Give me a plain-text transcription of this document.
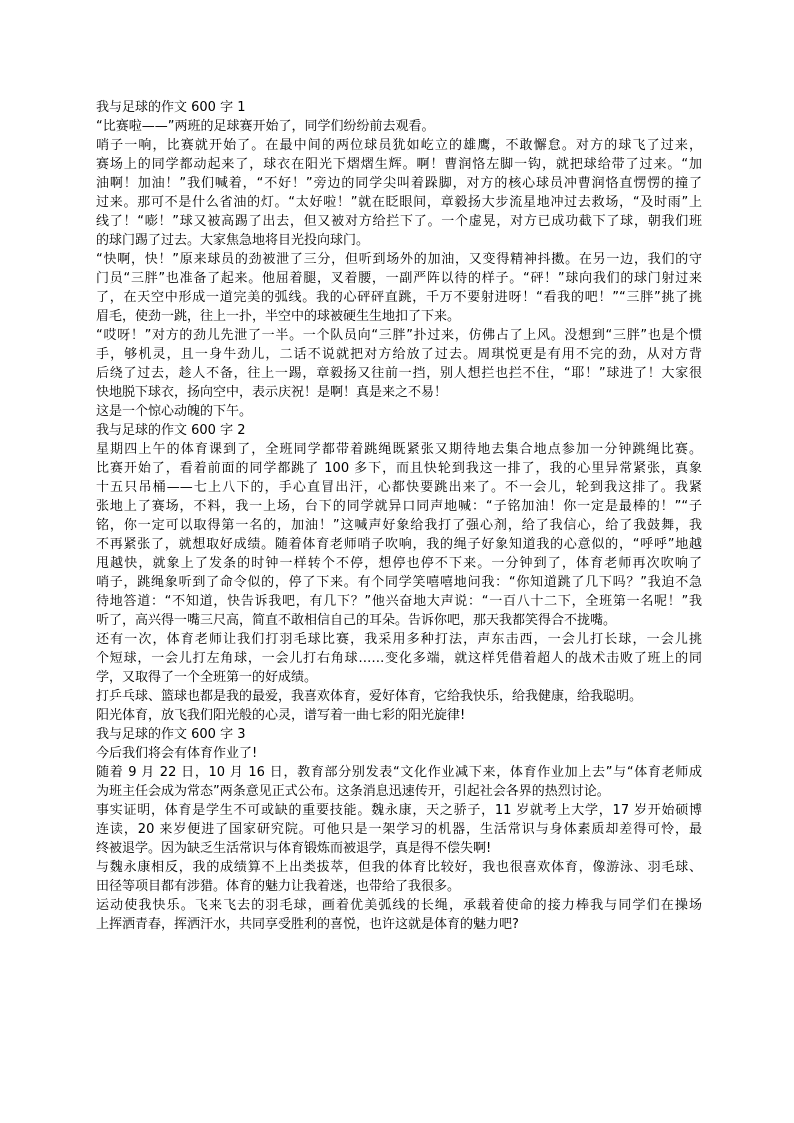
我与足球的作文 600 字 1
“比赛啦——”两班的足球赛开始了，同学们纷纷前去观看。
哨子一响，比赛就开始了。在最中间的两位球员犹如屹立的雄鹰，不敢懈怠。对方的球飞了过来，
赛场上的同学都动起来了，球衣在阳光下熠熠生辉。啊！曹润恪左脚一钩，就把球给带了过来。“加
油啊！加油！”我们喊着，“不好！”旁边的同学尖叫着跺脚，对方的核心球员冲曹润恪直愣愣的撞了
过来。那可不是什么省油的灯。“太好啦！”就在眨眼间，章毅扬大步流星地冲过去救场，“及时雨”上
线了！“嘭！”球又被高踢了出去，但又被对方给拦下了。一个虚晃，对方已成功截下了球，朝我们班
的球门踢了过去。大家焦急地将目光投向球门。
“快啊，快！”原来球员的劲被泄了三分，但听到场外的加油，又变得精神抖擞。在另一边，我们的守
门员“三胖”也准备了起来。他屈着腿，叉着腰，一副严阵以待的样子。“砰！”球向我们的球门射过来
了，在天空中形成一道完美的弧线。我的心砰砰直跳，千万不要射进呀！“看我的吧！”“三胖”挑了挑
眉毛，使劲一跳，往上一扑，半空中的球被硬生生地扣了下来。
“哎呀！”对方的劲儿先泄了一半。一个队员向“三胖”扑过来，仿佛占了上风。没想到“三胖”也是个惯
手，够机灵，且一身牛劲儿，二话不说就把对方给放了过去。周琪悦更是有用不完的劲，从对方背
后绕了过去，趁人不备，往上一踢，章毅扬又往前一挡，别人想拦也拦不住，“耶！”球进了！大家很
快地脱下球衣，扬向空中，表示庆祝！是啊！真是来之不易！
这是一个惊心动魄的下午。
我与足球的作文 600 字 2
星期四上午的体育课到了，全班同学都带着跳绳既紧张又期待地去集合地点参加一分钟跳绳比赛。
比赛开始了，看着前面的同学都跳了 100 多下，而且快轮到我这一排了，我的心里异常紧张，真象
十五只吊桶——七上八下的，手心直冒出汗，心都快要跳出来了。不一会儿，轮到我这排了。我紧
张地上了赛场，不料，我一上场，台下的同学就异口同声地喊：“子铭加油！你一定是最棒的！”“子
铭，你一定可以取得第一名的，加油！”这喊声好象给我打了强心剂，给了我信心，给了我鼓舞，我
不再紧张了，就想取好成绩。随着体育老师哨子吹响，我的绳子好象知道我的心意似的，“呼呼”地越
甩越快，就象上了发条的时钟一样转个不停，想停也停不下来。一分钟到了，体育老师再次吹响了
哨子，跳绳象听到了命令似的，停了下来。有个同学笑嘻嘻地问我：“你知道跳了几下吗？”我迫不急
待地答道：“不知道，快告诉我吧，有几下？”他兴奋地大声说：“一百八十二下，全班第一名呢！”我
听了，高兴得一嘴三尺高，简直不敢相信自己的耳朵。告诉你吧，那天我都笑得合不拢嘴。
还有一次，体育老师让我们打羽毛球比赛，我采用多种打法，声东击西，一会儿打长球，一会儿挑
个短球，一会儿打左角球，一会儿打右角球……变化多端，就这样凭借着超人的战术击败了班上的同
学，又取得了一个全班第一的好成绩。
打乒乓球、篮球也都是我的最爱，我喜欢体育，爱好体育，它给我快乐，给我健康，给我聪明。
阳光体育，放飞我们阳光般的心灵，谱写着一曲七彩的阳光旋律!
我与足球的作文 600 字 3
今后我们将会有体育作业了!
随着 9 月 22 日，10 月 16 日，教育部分别发表“文化作业减下来，体育作业加上去”与“体育老师成
为班主任会成为常态”两条意见正式公布。这条消息迅速传开，引起社会各界的热烈讨论。
事实证明，体育是学生不可或缺的重要技能。魏永康，天之骄子，11 岁就考上大学，17 岁开始硕博
连读，20 来岁便进了国家研究院。可他只是一架学习的机器，生活常识与身体素质却差得可怜，最
终被退学。因为缺乏生活常识与体育锻炼而被退学，真是得不偿失啊!
与魏永康相反，我的成绩算不上出类拔萃，但我的体育比较好，我也很喜欢体育，像游泳、羽毛球、
田径等项目都有涉猎。体育的魅力让我着迷，也带给了我很多。
运动使我快乐。飞来飞去的羽毛球，画着优美弧线的长绳，承载着使命的接力棒我与同学们在操场
上挥洒青春，挥洒汗水，共同享受胜利的喜悦，也许这就是体育的魅力吧?
